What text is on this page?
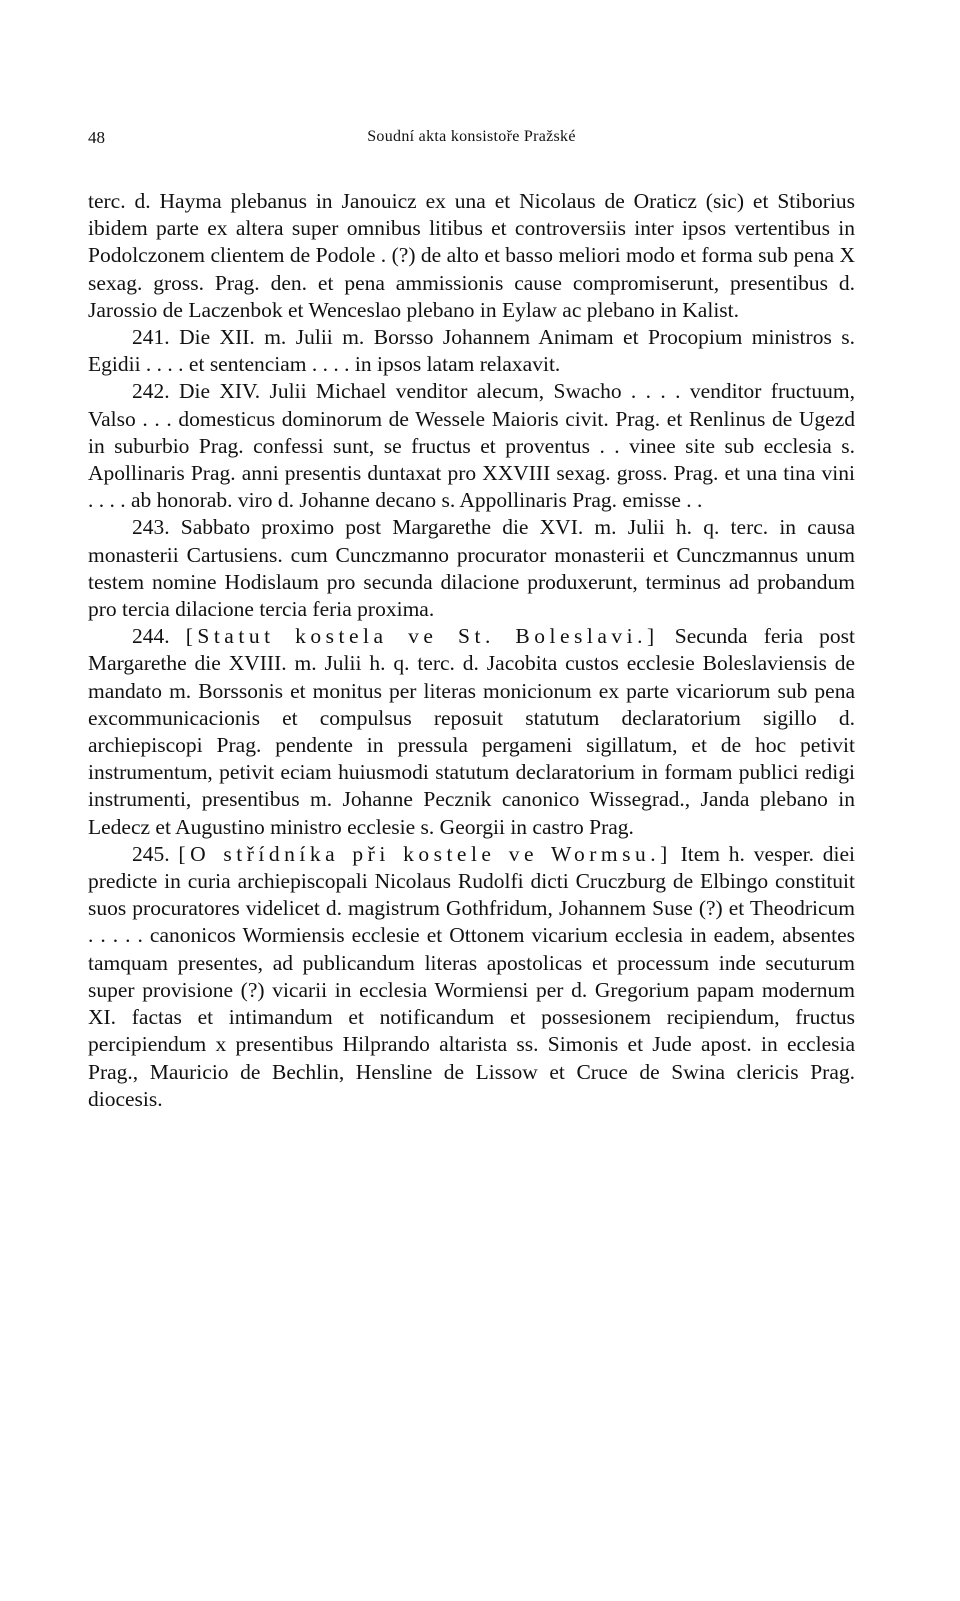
48	Soudní akta konsistoře Pražské

terc. d. Hayma plebanus in Janouicz ex una et Nicolaus de Oraticz (sic) et Stiborius ibidem parte ex altera super omnibus litibus et controversiis inter ipsos vertentibus in Podolczonem clientem de Podole . (?) de alto et basso meliori modo et forma sub pena X sexag. gross. Prag. den. et pena ammissionis cause compromiserunt, presentibus d. Jarossio de Laczenbok et Wenceslao plebano in Eylaw ac plebano in Kalist.

241. Die XII. m. Julii m. Borsso Johannem Animam et Procopium ministros s. Egidii . . . . et sentenciam . . . . in ipsos latam relaxavit.

242. Die XIV. Julii Michael venditor alecum, Swacho . . . . venditor fructuum, Valso . . . domesticus dominorum de Wessele Maioris civit. Prag. et Renlinus de Ugezd in suburbio Prag. confessi sunt, se fructus et proventus . . vinee site sub ecclesia s. Apollinaris Prag. anni presentis duntaxat pro XXVIII sexag. gross. Prag. et una tina vini . . . . ab honorab. viro d. Johanne decano s. Appollinaris Prag. emisse . .

243. Sabbato proximo post Margarethe die XVI. m. Julii h. q. terc. in causa monasterii Cartusiens. cum Cunczmanno procurator monasterii et Cunczmannus unum testem nomine Hodislaum pro secunda dilacione produxerunt, terminus ad probandum pro tercia dilacione tercia feria proxima.

244. [Statut kostela ve St. Boleslavi.] Secunda feria post Margarethe die XVIII. m. Julii h. q. terc. d. Jacobita custos ecclesie Boleslaviensis de mandato m. Borssonis et monitus per literas monicionum ex parte vicariorum sub pena excommunicacionis et compulsus reposuit statutum declaratorium sigillo d. archiepiscopi Prag. pendente in pressula pergameni sigillatum, et de hoc petivit instrumentum, petivit eciam huiusmodi statutum declaratorium in formam publici redigi instrumenti, presentibus m. Johanne Pecznik canonico Wissegrad., Janda plebano in Ledecz et Augustino ministro ecclesie s. Georgii in castro Prag.

245. [O střídníka při kostele ve Wormsu.] Item h. vesper. diei predicte in curia archiepiscopali Nicolaus Rudolfi dicti Cruczburg de Elbingo constituit suos procuratores videlicet d. magistrum Gothfridum, Johannem Suse (?) et Theodricum . . . . . canonicos Wormiensis ecclesie et Ottonem vicarium ecclesia in eadem, absentes tamquam presentes, ad publicandum literas apostolicas et processum inde secuturum super provisione (?) vicarii in ecclesia Wormiensi per d. Gregorium papam modernum XI. factas et intimandum et notificandum et possesionem recipiendum, fructus percipiendum x presentibus Hilprando altarista ss. Simonis et Jude apost. in ecclesia Prag., Mauricio de Bechlin, Hensline de Lissow et Cruce de Swina clericis Prag. diocesis.
